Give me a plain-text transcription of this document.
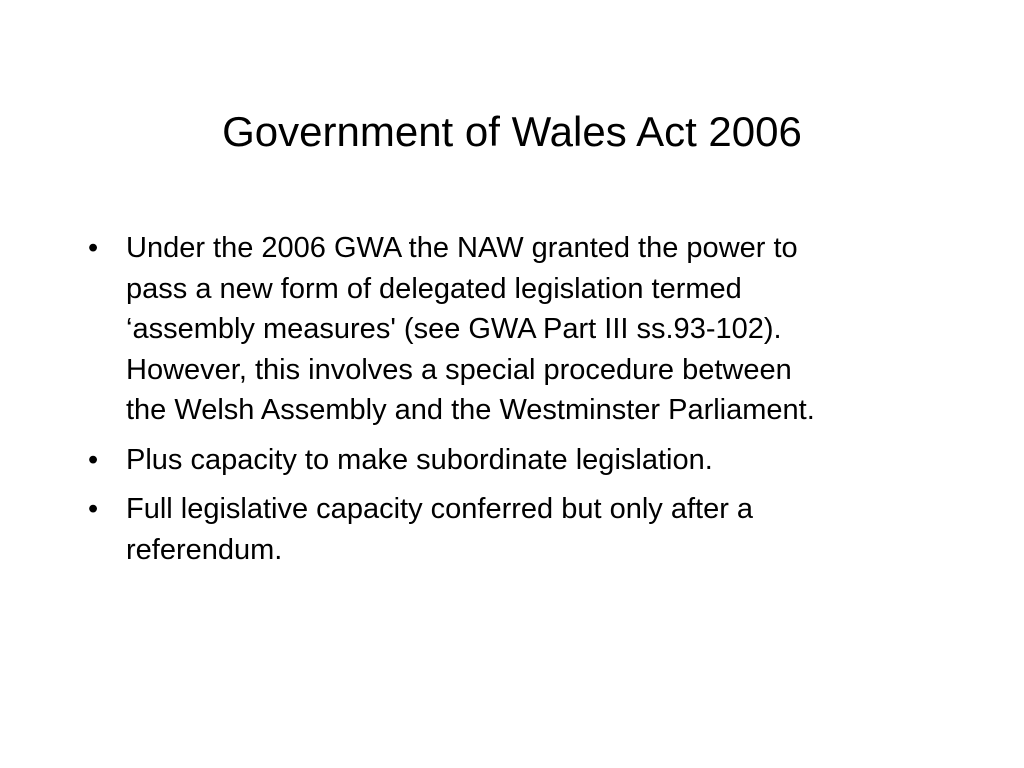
Government of Wales Act 2006
• Under the 2006 GWA the NAW granted the power to
pass a new form of delegated legislation termed
‘assembly measures' (see GWA Part III ss.93-102).
However, this involves a special procedure between
the Welsh Assembly and the Westminster Parliament.
• Plus capacity to make subordinate legislation.
• Full legislative capacity conferred but only after a
referendum.
